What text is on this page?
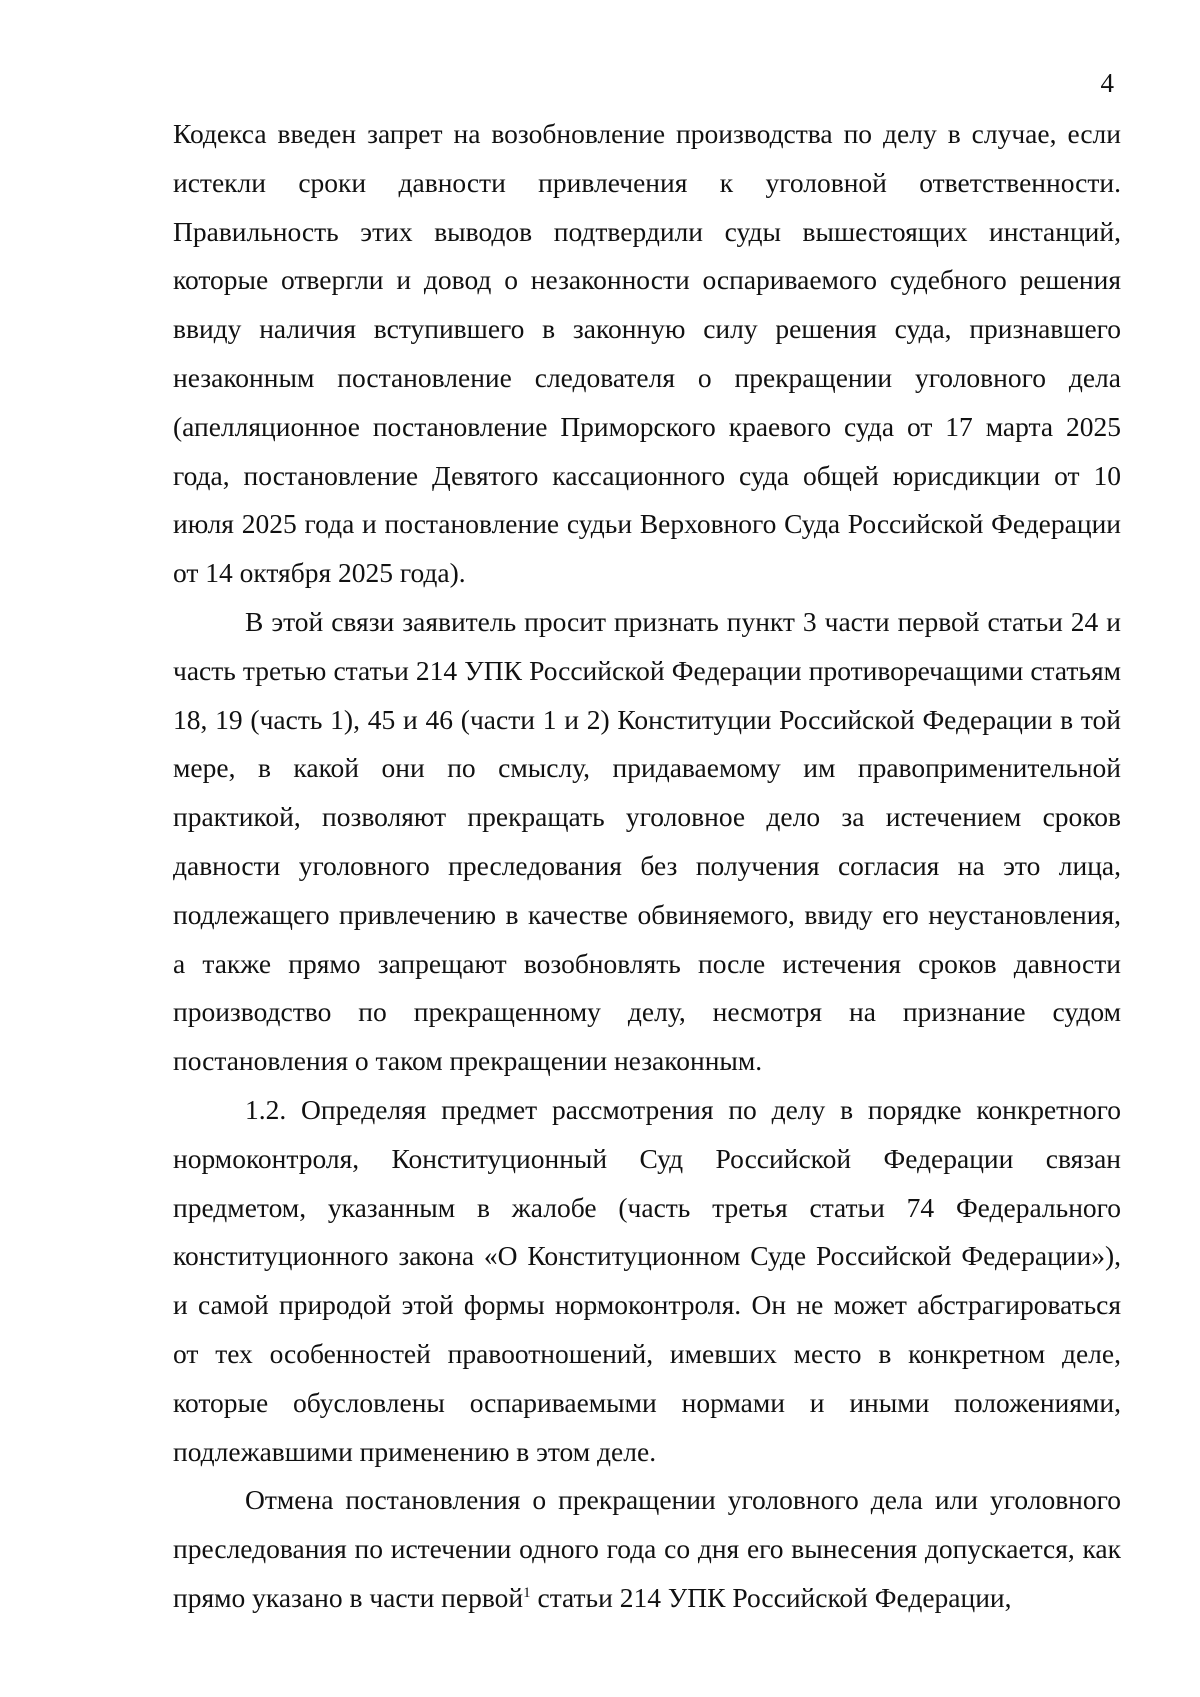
4

Кодекса введен запрет на возобновление производства по делу в случае, если истекли сроки давности привлечения к уголовной ответственности. Правильность этих выводов подтвердили суды вышестоящих инстанций, которые отвергли и довод о незаконности оспариваемого судебного решения ввиду наличия вступившего в законную силу решения суда, признавшего незаконным постановление следователя о прекращении уголовного дела (апелляционное постановление Приморского краевого суда от 17 марта 2025 года, постановление Девятого кассационного суда общей юрисдикции от 10 июля 2025 года и постановление судьи Верховного Суда Российской Федерации от 14 октября 2025 года).

В этой связи заявитель просит признать пункт 3 части первой статьи 24 и часть третью статьи 214 УПК Российской Федерации противоречащими статьям 18, 19 (часть 1), 45 и 46 (части 1 и 2) Конституции Российской Федерации в той мере, в какой они по смыслу, придаваемому им правоприменительной практикой, позволяют прекращать уголовное дело за истечением сроков давности уголовного преследования без получения согласия на это лица, подлежащего привлечению в качестве обвиняемого, ввиду его неустановления, а также прямо запрещают возобновлять после истечения сроков давности производство по прекращенному делу, несмотря на признание судом постановления о таком прекращении незаконным.

1.2. Определяя предмет рассмотрения по делу в порядке конкретного нормоконтроля, Конституционный Суд Российской Федерации связан предметом, указанным в жалобе (часть третья статьи 74 Федерального конституционного закона «О Конституционном Суде Российской Федерации»), и самой природой этой формы нормоконтроля. Он не может абстрагироваться от тех особенностей правоотношений, имевших место в конкретном деле, которые обусловлены оспариваемыми нормами и иными положениями, подлежавшими применению в этом деле.

Отмена постановления о прекращении уголовного дела или уголовного преследования по истечении одного года со дня его вынесения допускается, как прямо указано в части первой$^1$ статьи 214 УПК Российской Федерации,
